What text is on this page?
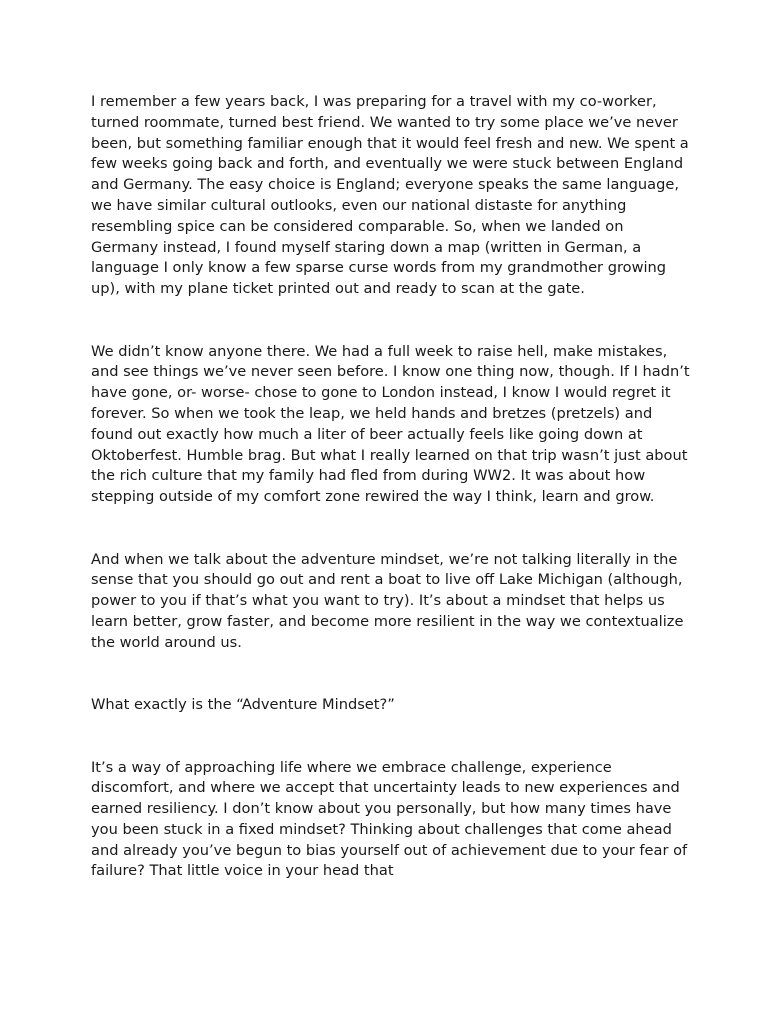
I remember a few years back, I was preparing for a travel with my co-worker, turned roommate, turned best friend. We wanted to try some place we’ve never been, but something familiar enough that it would feel fresh and new. We spent a few weeks going back and forth, and eventually we were stuck between England and Germany. The easy choice is England; everyone speaks the same language, we have similar cultural outlooks, even our national distaste for anything resembling spice can be considered comparable. So, when we landed on Germany instead, I found myself staring down a map (written in German, a language I only know a few sparse curse words from my grandmother growing up), with my plane ticket printed out and ready to scan at the gate.

We didn’t know anyone there. We had a full week to raise hell, make mistakes, and see things we’ve never seen before. I know one thing now, though. If I hadn’t have gone, or- worse- chose to gone to London instead, I know I would regret it forever. So when we took the leap, we held hands and bretzes (pretzels) and found out exactly how much a liter of beer actually feels like going down at Oktoberfest. Humble brag. But what I really learned on that trip wasn’t just about the rich culture that my family had fled from during WW2. It was about how stepping outside of my comfort zone rewired the way I think, learn and grow.

And when we talk about the adventure mindset, we’re not talking literally in the sense that you should go out and rent a boat to live off Lake Michigan (although, power to you if that’s what you want to try). It’s about a mindset that helps us learn better, grow faster, and become more resilient in the way we contextualize the world around us.

What exactly is the “Adventure Mindset?”

It’s a way of approaching life where we embrace challenge, experience discomfort, and where we accept that uncertainty leads to new experiences and earned resiliency. I don’t know about you personally, but how many times have you been stuck in a fixed mindset? Thinking about challenges that come ahead and already you’ve begun to bias yourself out of achievement due to your fear of failure? That little voice in your head that
